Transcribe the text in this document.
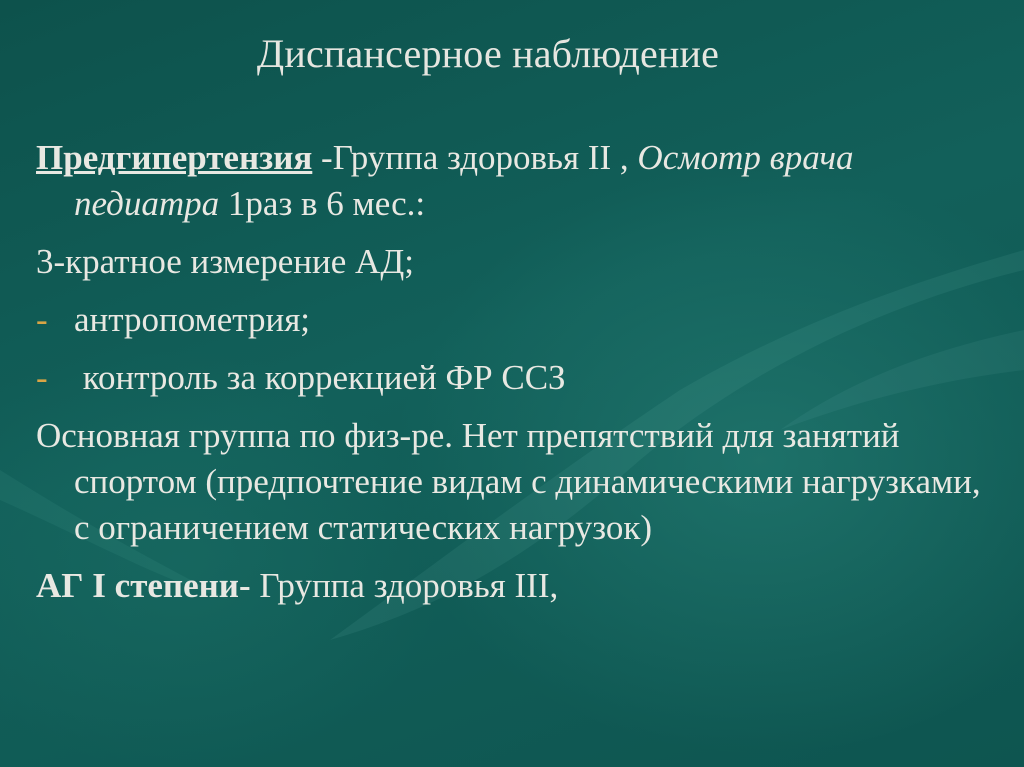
Диспансерное наблюдение
Предгипертензия -Группа здоровья II , Осмотр врача педиатра 1раз в 6 мес.:
3-кратное измерение АД;
- антропометрия;
- контроль за коррекцией ФР ССЗ
Основная группа по физ-ре. Нет препятствий для занятий спортом (предпочтение видам с динамическими нагрузками, с ограничением статических нагрузок)
АГ I степени- Группа здоровья III,
